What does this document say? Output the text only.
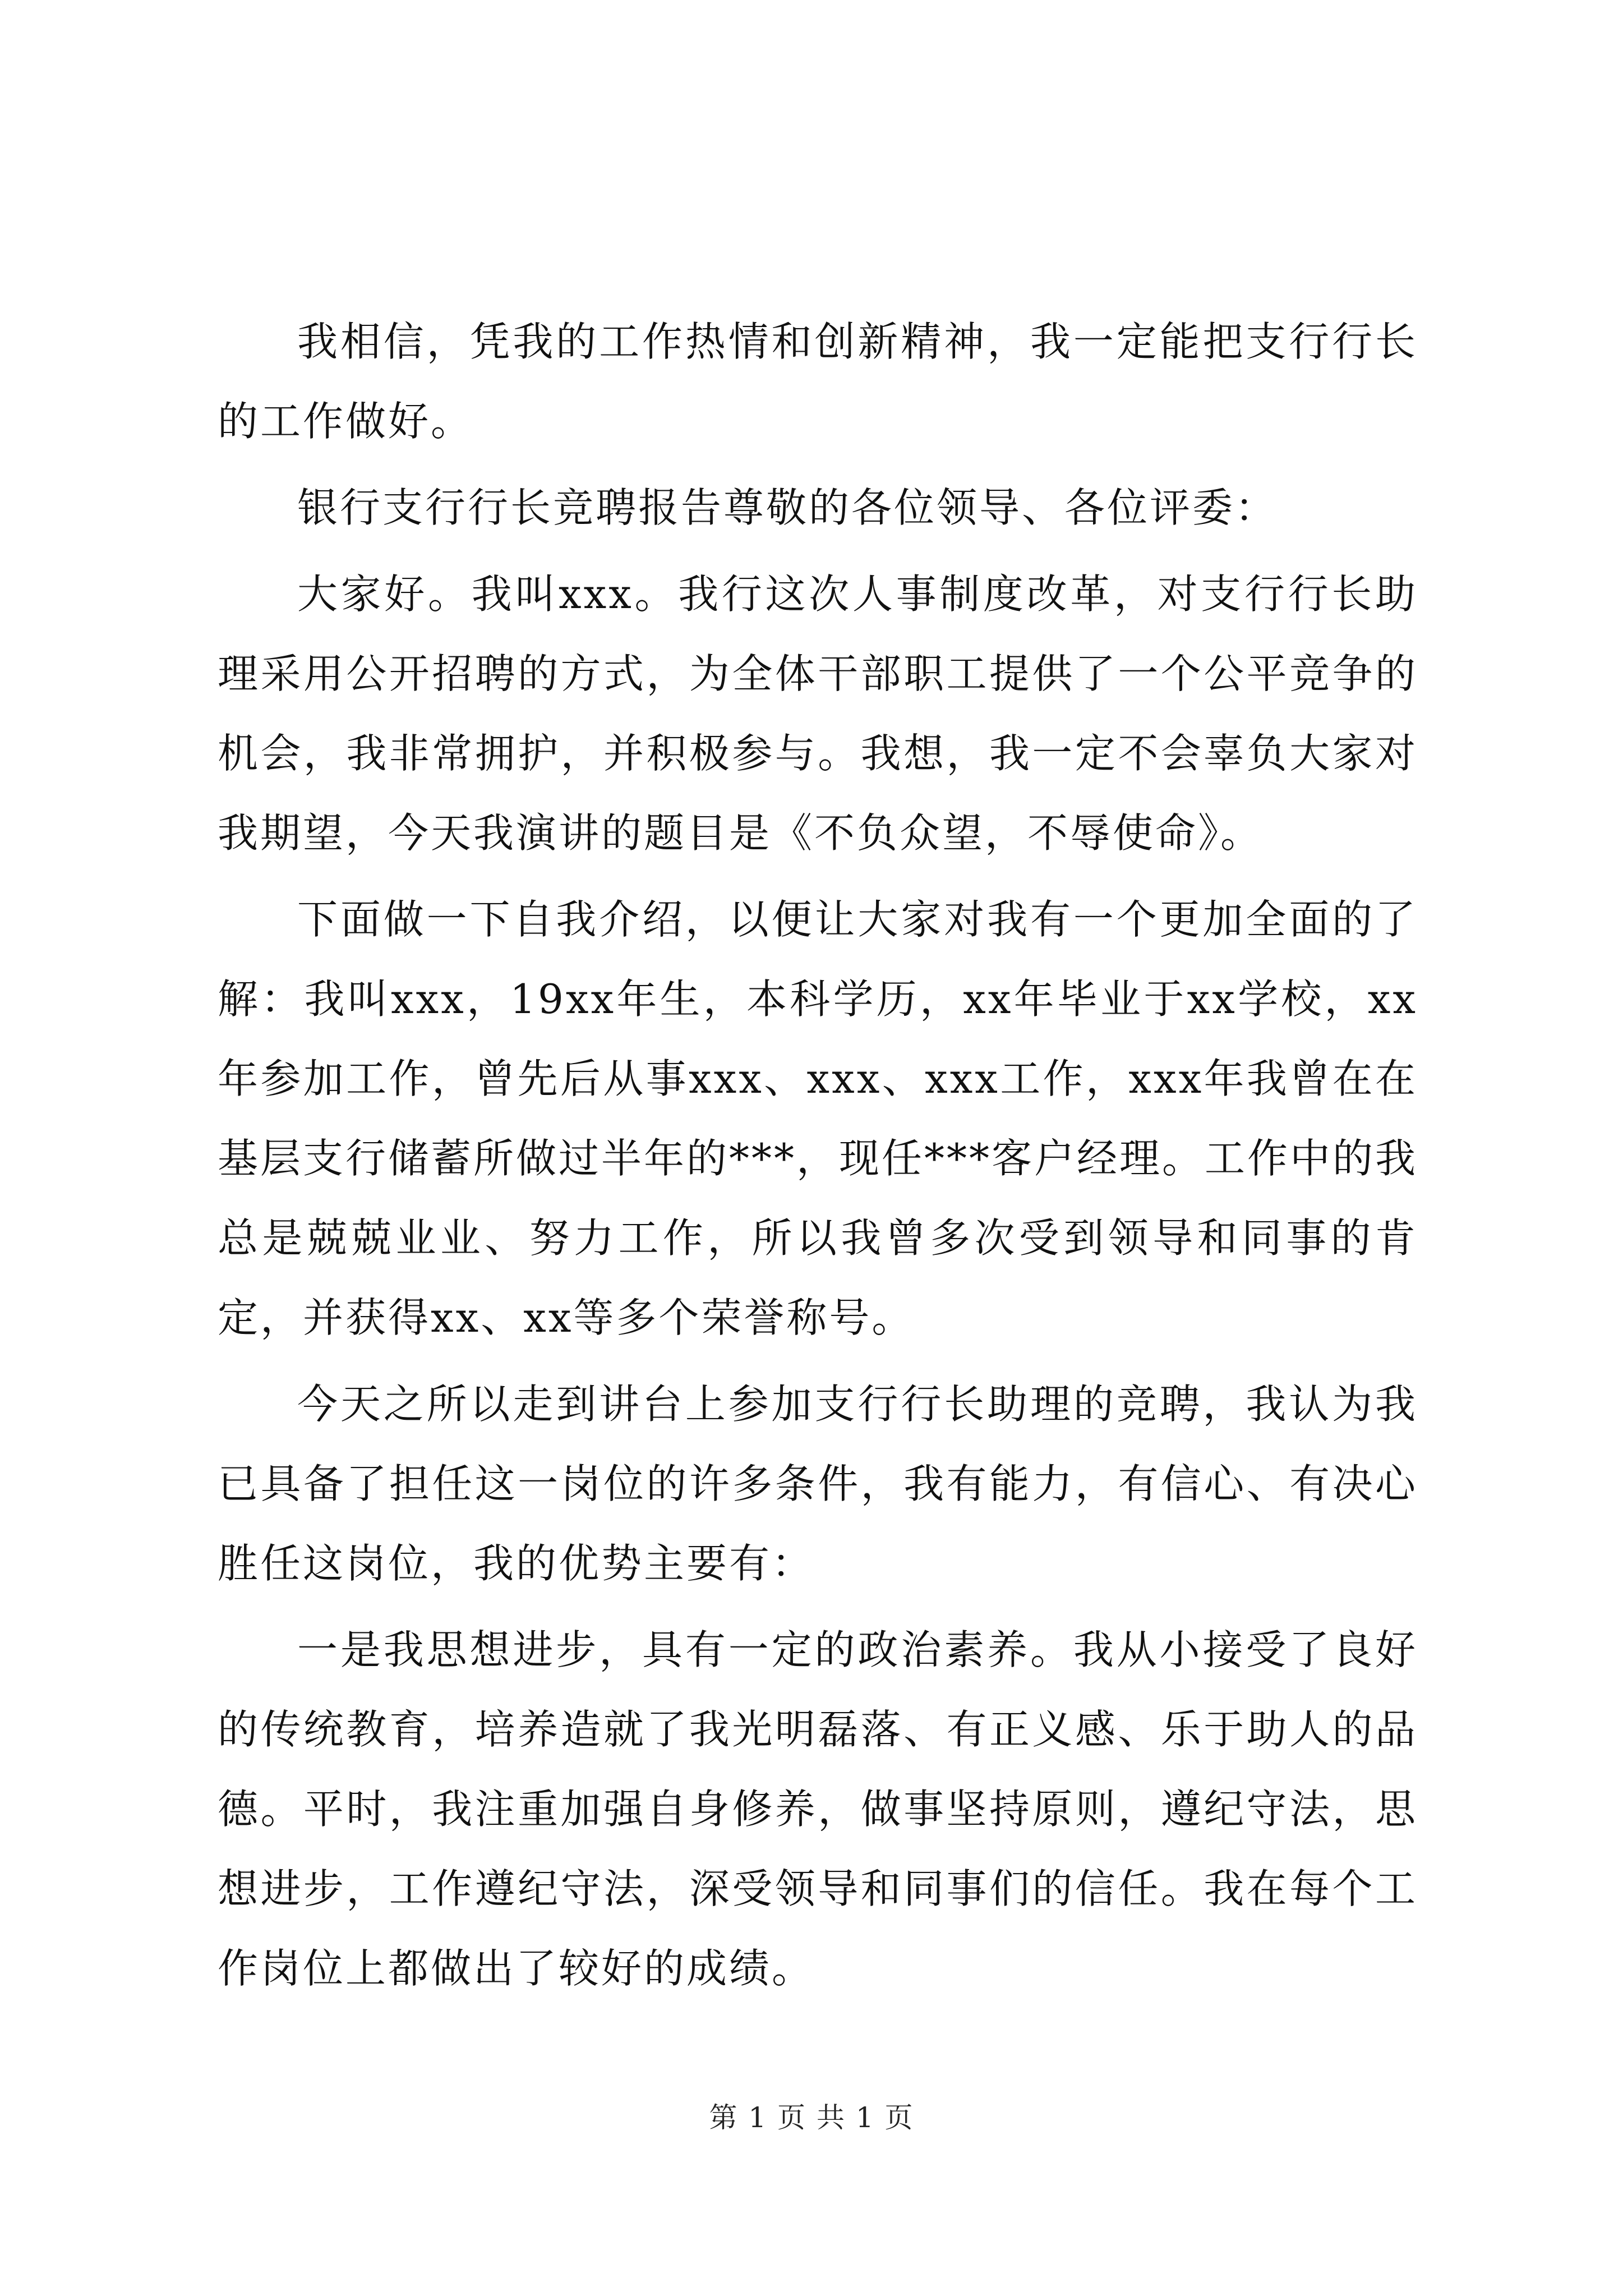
我相信，凭我的工作热情和创新精神，我一定能把支行行长的工作做好。

银行支行行长竞聘报告尊敬的各位领导、各位评委：

大家好。我叫xxx。我行这次人事制度改革，对支行行长助理采用公开招聘的方式，为全体干部职工提供了一个公平竞争的机会，我非常拥护，并积极参与。我想，我一定不会辜负大家对我期望，今天我演讲的题目是《不负众望，不辱使命》。

下面做一下自我介绍，以便让大家对我有一个更加全面的了解：我叫xxx，19xx年生，本科学历，xx年毕业于xx学校，xx年参加工作，曾先后从事xxx、xxx、xxx工作，xxx年我曾在在基层支行储蓄所做过半年的***，现任***客户经理。工作中的我总是兢兢业业、努力工作，所以我曾多次受到领导和同事的肯定，并获得xx、xx等多个荣誉称号。

今天之所以走到讲台上参加支行行长助理的竞聘，我认为我已具备了担任这一岗位的许多条件，我有能力，有信心、有决心胜任这岗位，我的优势主要有：

一是我思想进步，具有一定的政治素养。我从小接受了良好的传统教育，培养造就了我光明磊落、有正义感、乐于助人的品德。平时，我注重加强自身修养，做事坚持原则，遵纪守法，思想进步，工作遵纪守法，深受领导和同事们的信任。我在每个工作岗位上都做出了较好的成绩。

第 1 页 共 1 页
